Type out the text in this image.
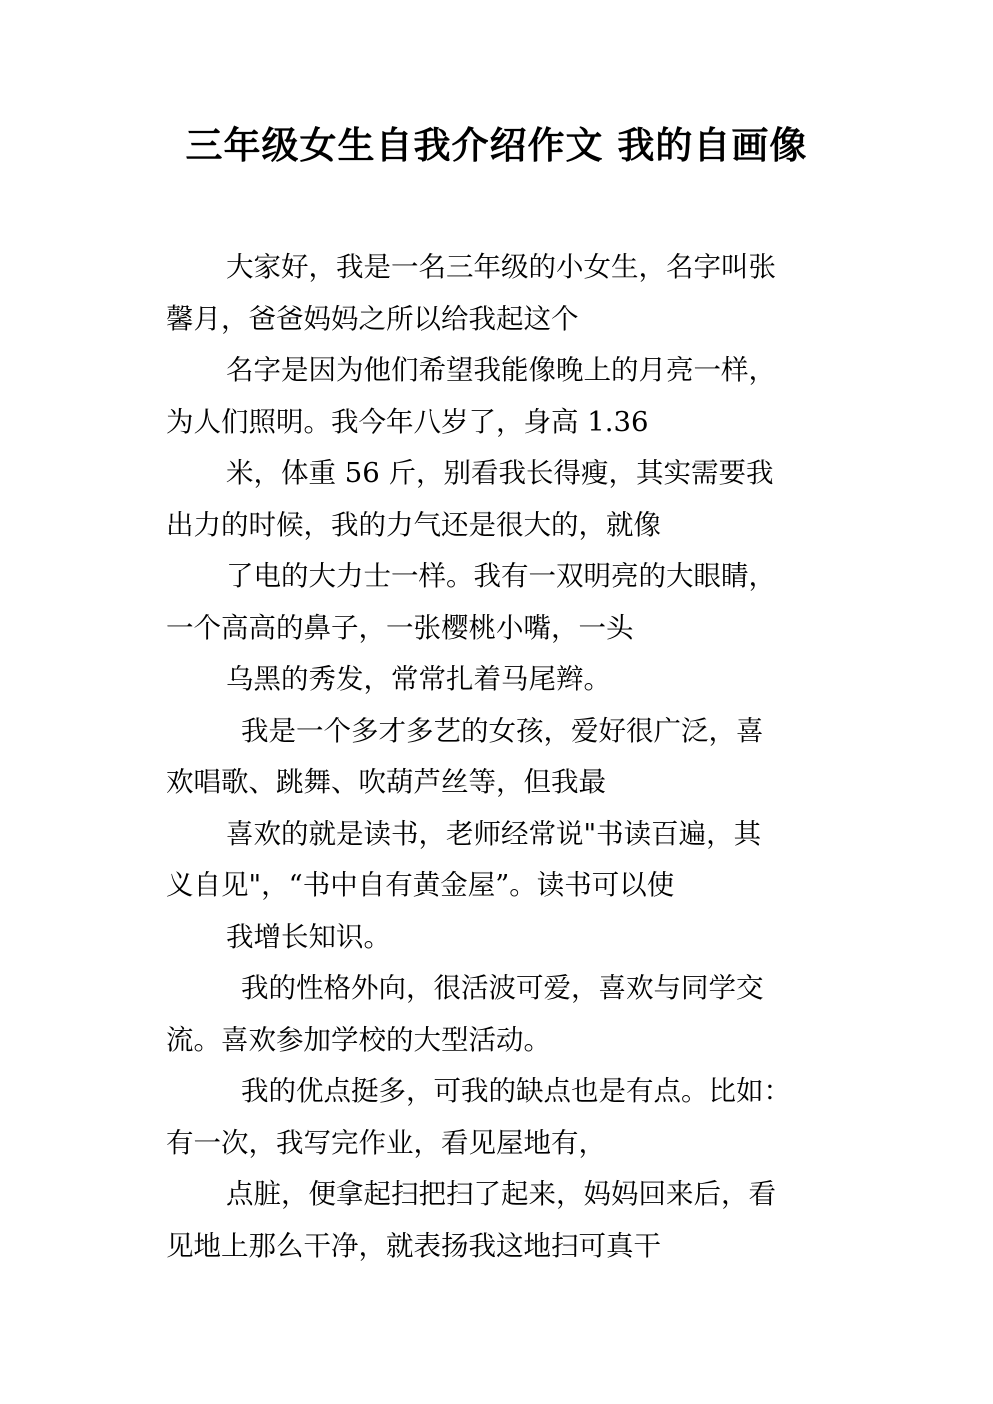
三年级女生自我介绍作文 我的自画像
大家好，我是一名三年级的小女生，名字叫张
馨月，爸爸妈妈之所以给我起这个
名字是因为他们希望我能像晚上的月亮一样，
为人们照明。我今年八岁了，身高 1.36
米，体重 56 斤，别看我长得瘦，其实需要我
出力的时候，我的力气还是很大的，就像
了电的大力士一样。我有一双明亮的大眼睛，
一个高高的鼻子，一张樱桃小嘴，一头
乌黑的秀发，常常扎着马尾辫。
我是一个多才多艺的女孩，爱好很广泛，喜
欢唱歌、跳舞、吹葫芦丝等，但我最
喜欢的就是读书，老师经常说"书读百遍，其
义自见"，“书中自有黄金屋”。读书可以使
我增长知识。
我的性格外向，很活波可爱，喜欢与同学交
流。喜欢参加学校的大型活动。
我的优点挺多，可我的缺点也是有点。比如：
有一次，我写完作业，看见屋地有，
点脏，便拿起扫把扫了起来，妈妈回来后，看
见地上那么干净，就表扬我这地扫可真干
